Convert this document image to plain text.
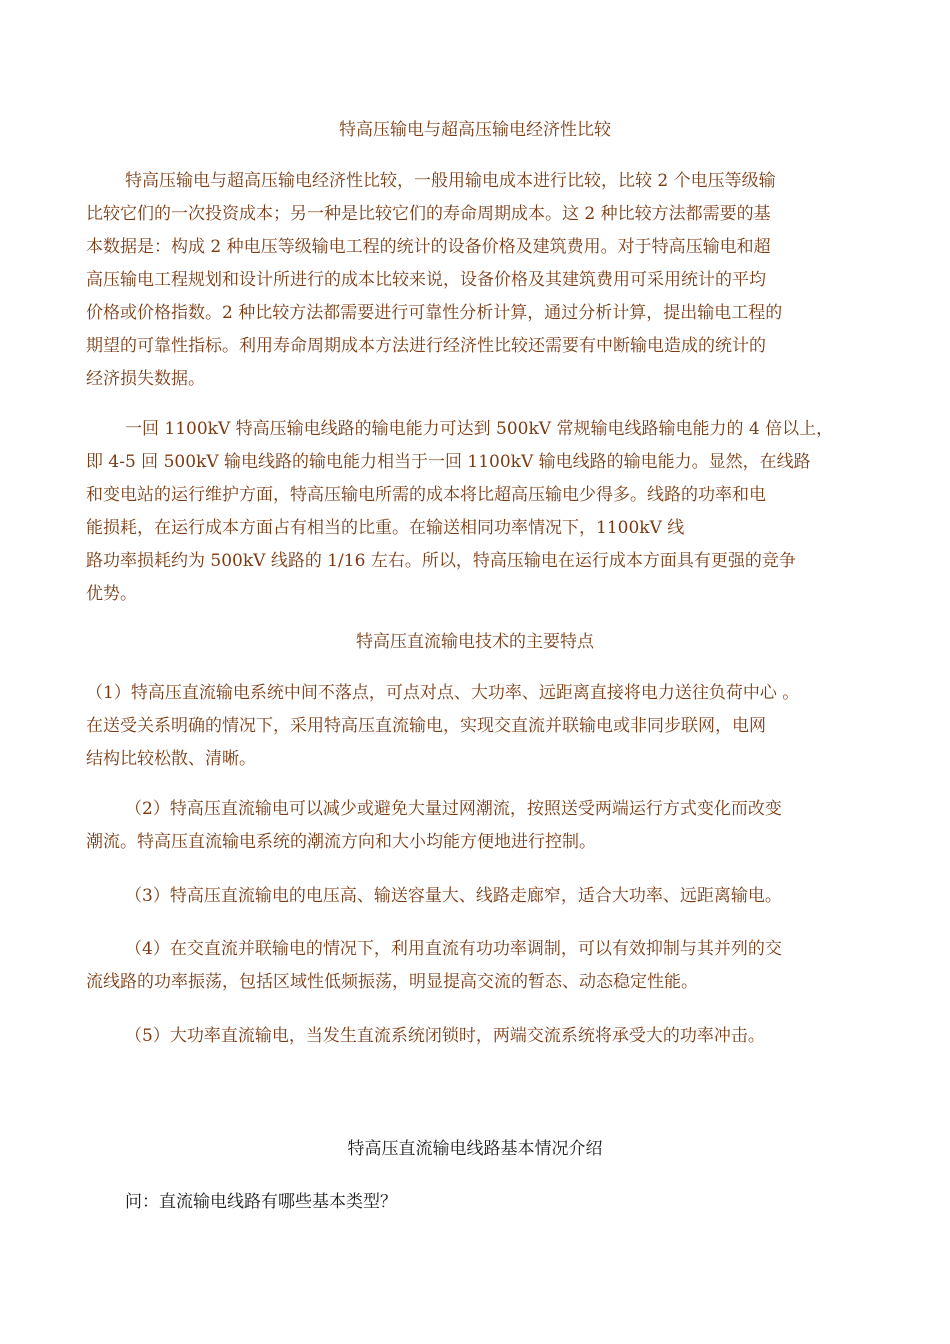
特高压输电与超高压输电经济性比较
特高压输电与超高压输电经济性比较，一般用输电成本进行比较，比较 2 个电压等级输
比较它们的一次投资成本；另一种是比较它们的寿命周期成本。这 2 种比较方法都需要的基
本数据是：构成 2 种电压等级输电工程的统计的设备价格及建筑费用。对于特高压输电和超
高压输电工程规划和设计所进行的成本比较来说，设备价格及其建筑费用可采用统计的平均
价格或价格指数。2 种比较方法都需要进行可靠性分析计算，通过分析计算，提出输电工程的
期望的可靠性指标。利用寿命周期成本方法进行经济性比较还需要有中断输电造成的统计的
经济损失数据。
一回 1100kV 特高压输电线路的输电能力可达到 500kV 常规输电线路输电能力的 4 倍以上，
即 4-5 回 500kV 输电线路的输电能力相当于一回 1100kV 输电线路的输电能力。显然，在线路
和变电站的运行维护方面，特高压输电所需的成本将比超高压输电少得多。线路的功率和电
能损耗，在运行成本方面占有相当的比重。在输送相同功率情况下，1100kV 线
路功率损耗约为 500kV 线路的 1/16 左右。所以，特高压输电在运行成本方面具有更强的竞争
优势。
特高压直流输电技术的主要特点
（1）特高压直流输电系统中间不落点，可点对点、大功率、远距离直接将电力送往负荷中心 。
在送受关系明确的情况下，采用特高压直流输电，实现交直流并联输电或非同步联网，电网
结构比较松散、清晰。
（2）特高压直流输电可以减少或避免大量过网潮流，按照送受两端运行方式变化而改变
潮流。特高压直流输电系统的潮流方向和大小均能方便地进行控制。
（3）特高压直流输电的电压高、输送容量大、线路走廊窄，适合大功率、远距离输电。
（4）在交直流并联输电的情况下，利用直流有功功率调制，可以有效抑制与其并列的交
流线路的功率振荡，包括区域性低频振荡，明显提高交流的暂态、动态稳定性能。
（5）大功率直流输电，当发生直流系统闭锁时，两端交流系统将承受大的功率冲击。
特高压直流输电线路基本情况介绍
问：直流输电线路有哪些基本类型？
